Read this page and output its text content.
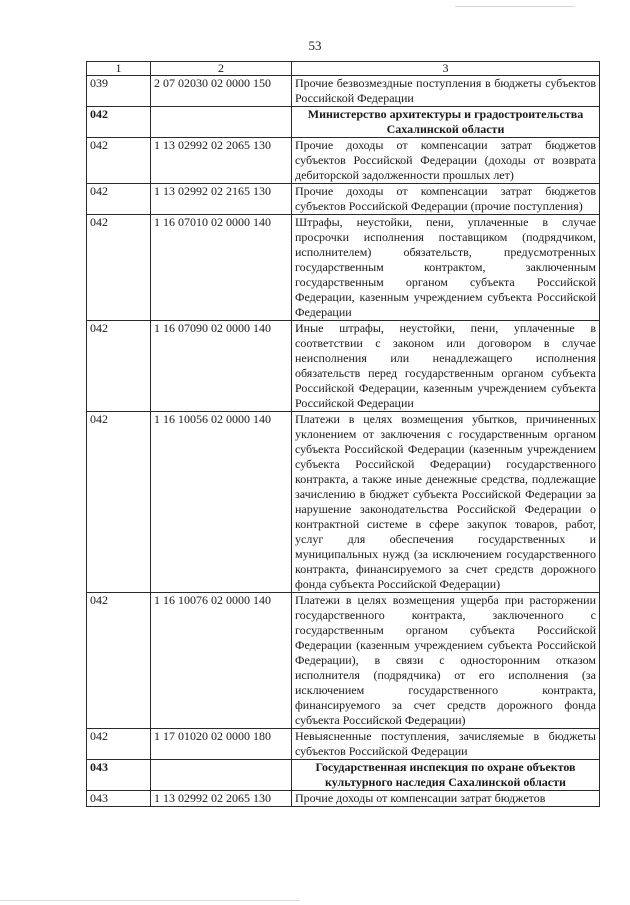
53
1	2	3
039	2 07 02030 02 0000 150	Прочие безвозмездные поступления в бюджеты субъектов Российской Федерации
042		Министерство архитектуры и градостроительства Сахалинской области
042	1 13 02992 02 2065 130	Прочие доходы от компенсации затрат бюджетов субъектов Российской Федерации (доходы от возврата дебиторской задолженности прошлых лет)
042	1 13 02992 02 2165 130	Прочие доходы от компенсации затрат бюджетов субъектов Российской Федерации (прочие поступления)
042	1 16 07010 02 0000 140	Штрафы, неустойки, пени, уплаченные в случае просрочки исполнения поставщиком (подрядчиком, исполнителем) обязательств, предусмотренных государственным контрактом, заключенным государственным органом субъекта Российской Федерации, казенным учреждением субъекта Российской Федерации
042	1 16 07090 02 0000 140	Иные штрафы, неустойки, пени, уплаченные в соответствии с законом или договором в случае неисполнения или ненадлежащего исполнения обязательств перед государственным органом субъекта Российской Федерации, казенным учреждением субъекта Российской Федерации
042	1 16 10056 02 0000 140	Платежи в целях возмещения убытков, причиненных уклонением от заключения с государственным органом субъекта Российской Федерации (казенным учреждением субъекта Российской Федерации) государственного контракта, а также иные денежные средства, подлежащие зачислению в бюджет субъекта Российской Федерации за нарушение законодательства Российской Федерации о контрактной системе в сфере закупок товаров, работ, услуг для обеспечения государственных и муниципальных нужд (за исключением государственного контракта, финансируемого за счет средств дорожного фонда субъекта Российской Федерации)
042	1 16 10076 02 0000 140	Платежи в целях возмещения ущерба при расторжении государственного контракта, заключенного с государственным органом субъекта Российской Федерации (казенным учреждением субъекта Российской Федерации), в связи с односторонним отказом исполнителя (подрядчика) от его исполнения (за исключением государственного контракта, финансируемого за счет средств дорожного фонда субъекта Российской Федерации)
042	1 17 01020 02 0000 180	Невыясненные поступления, зачисляемые в бюджеты субъектов Российской Федерации
043		Государственная инспекция по охране объектов культурного наследия Сахалинской области
043	1 13 02992 02 2065 130	Прочие доходы от компенсации затрат бюджетов
